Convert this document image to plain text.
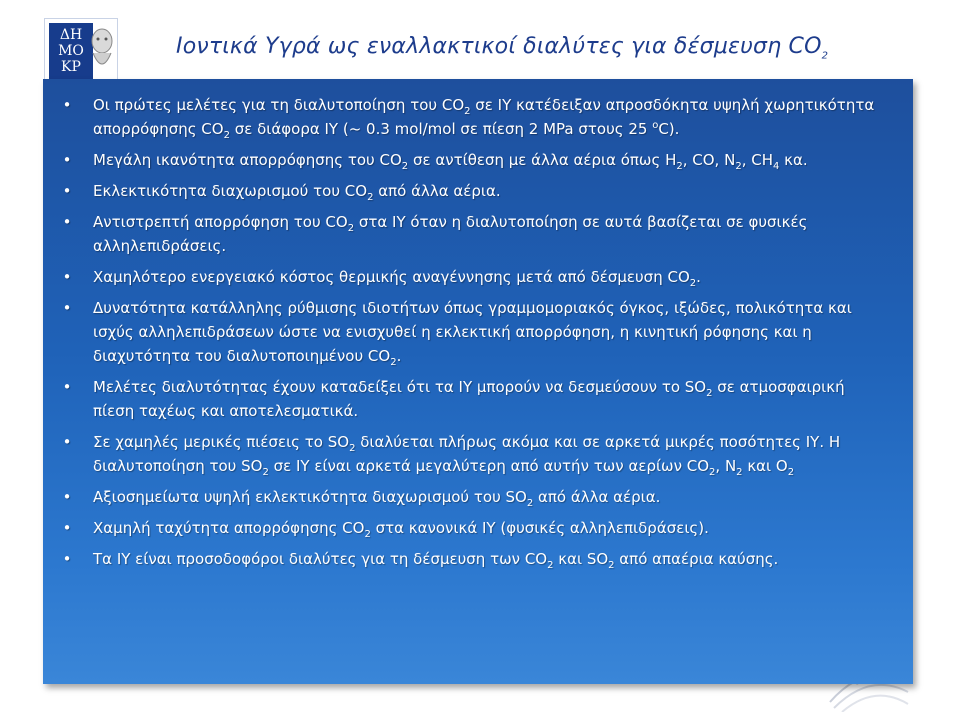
ΔΗ
ΜΟ
ΚΡ
Ιοντικά Υγρά ως εναλλακτικοί διαλύτες για δέσμευση $CO_2$
• Οι πρώτες μελέτες για τη διαλυτοποίηση του $CO_2$ σε ΙΥ κατέδειξαν απροσδόκητα υψηλή χωρητικότητα απορρόφησης $CO_2$ σε διάφορα ΙΥ (~ 0.3 mol/mol σε πίεση 2 MPa στους 25 $^o$C).
• Μεγάλη ικανότητα απορρόφησης του $CO_2$ σε αντίθεση με άλλα αέρια όπως $H_2$, CO, $N_2$, $CH_4$ κα.
• Εκλεκτικότητα διαχωρισμού του $CO_2$ από άλλα αέρια.
• Αντιστρεπτή απορρόφηση του $CO_2$ στα ΙΥ όταν η διαλυτοποίηση σε αυτά βασίζεται σε φυσικές αλληλεπιδράσεις.
• Χαμηλότερο ενεργειακό κόστος θερμικής αναγέννησης μετά από δέσμευση $CO_2$.
• Δυνατότητα κατάλληλης ρύθμισης ιδιοτήτων όπως γραμμομοριακός όγκος, ιξώδες, πολικότητα και ισχύς αλληλεπιδράσεων ώστε να ενισχυθεί η εκλεκτική απορρόφηση, η κινητική ρόφησης και η διαχυτότητα του διαλυτοποιημένου $CO_2$.
• Μελέτες διαλυτότητας έχουν καταδείξει ότι τα ΙΥ μπορούν να δεσμεύσουν το $SO_2$ σε ατμοσφαιρική πίεση ταχέως και αποτελεσματικά.
• Σε χαμηλές μερικές πιέσεις το $SO_2$ διαλύεται πλήρως ακόμα και σε αρκετά μικρές ποσότητες ΙΥ. Η διαλυτοποίηση του $SO_2$ σε ΙΥ είναι αρκετά μεγαλύτερη από αυτήν των αερίων $CO_2$, $N_2$ και $O_2$
• Αξιοσημείωτα υψηλή εκλεκτικότητα διαχωρισμού του $SO_2$ από άλλα αέρια.
• Χαμηλή ταχύτητα απορρόφησης $CO_2$ στα κανονικά ΙΥ (φυσικές αλληλεπιδράσεις).
• Τα ΙΥ είναι προσοδοφόροι διαλύτες για τη δέσμευση των $CO_2$ και $SO_2$ από απαέρια καύσης.
